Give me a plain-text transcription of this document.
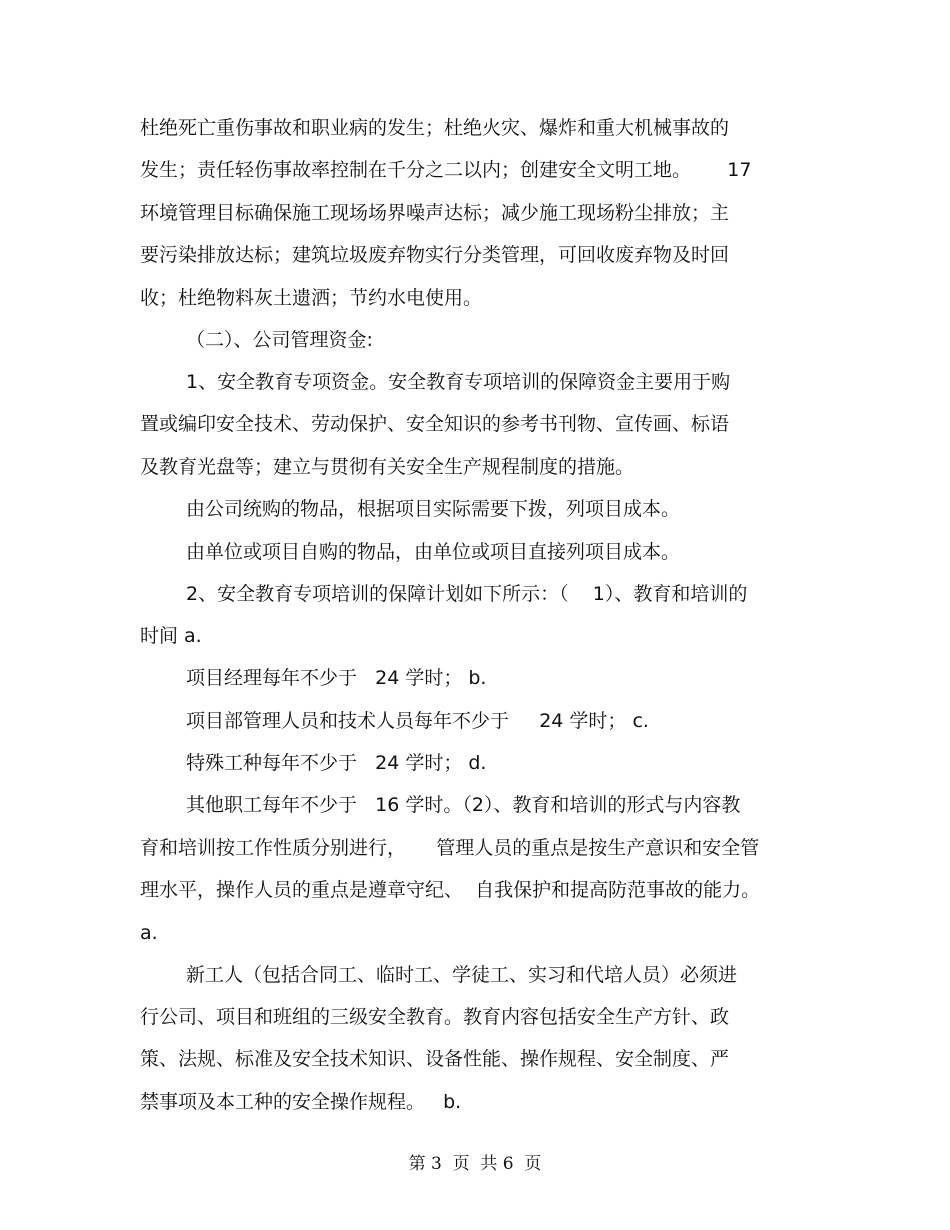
杜绝死亡重伤事故和职业病的发生；杜绝火灾、爆炸和重大机械事故的
发生；责任轻伤事故率控制在千分之二以内；创建安全文明工地。      17
环境管理目标确保施工现场场界噪声达标；减少施工现场粉尘排放；主
要污染排放达标；建筑垃圾废弃物实行分类管理，可回收废弃物及时回
收；杜绝物料灰土遗洒；节约水电使用。
（二）、公司管理资金:
1、安全教育专项资金。安全教育专项培训的保障资金主要用于购
置或编印安全技术、劳动保护、安全知识的参考书刊物、宣传画、标语
及教育光盘等；建立与贯彻有关安全生产规程制度的措施。
由公司统购的物品，根据项目实际需要下拨，列项目成本。
由单位或项目自购的物品，由单位或项目直接列项目成本。
2、安全教育专项培训的保障计划如下所示：（    1）、教育和培训的
时间 a.
项目经理每年不少于   24 学时； b.
项目部管理人员和技术人员每年不少于     24 学时； c.
特殊工种每年不少于   24 学时； d.
其他职工每年不少于   16 学时。（2）、教育和培训的形式与内容教
育和培训按工作性质分别进行，     管理人员的重点是按生产意识和安全管
理水平，操作人员的重点是遵章守纪、  自我保护和提高防范事故的能力。
a.
新工人（包括合同工、临时工、学徒工、实习和代培人员）必须进
行公司、项目和班组的三级安全教育。教育内容包括安全生产方针、政
策、法规、标准及安全技术知识、设备性能、操作规程、安全制度、严
禁事项及本工种的安全操作规程。   b.
第 3  页  共 6  页
